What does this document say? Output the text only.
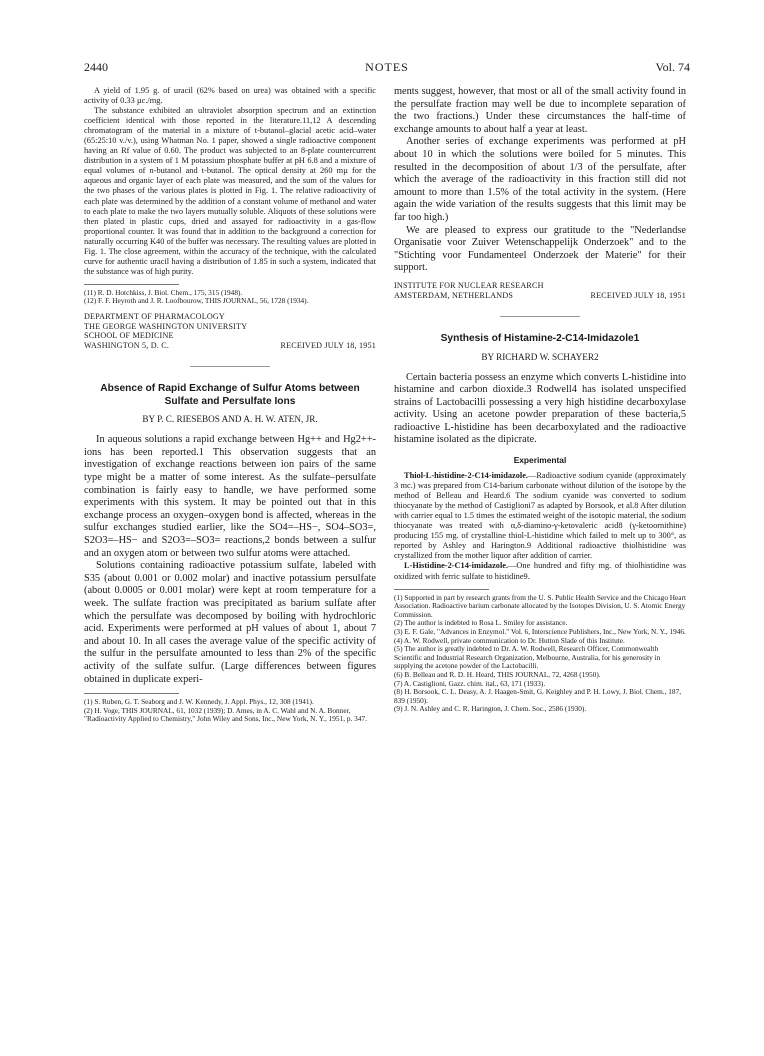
2440	NOTES	Vol. 74

A yield of 1.95 g. of uracil (62% based on urea) was obtained with a specific activity of 0.33 µc./mg.

The substance exhibited an ultraviolet absorption spectrum and an extinction coefficient identical with those reported in the literature.11,12 A descending chromatogram of the material in a mixture of t-butanol–glacial acetic acid–water (65:25:10 v./v.), using Whatman No. 1 paper, showed a single radioactive component having an Rf value of 0.60. The product was subjected to an 8-plate countercurrent distribution in a system of 1 M potassium phosphate buffer at pH 6.8 and a mixture of equal volumes of n-butanol and t-butanol. The optical density at 260 mµ for the aqueous and organic layer of each plate was measured, and the sum of the values for the two phases of the various plates is plotted in Fig. 1. The relative radioactivity of each plate was determined by the addition of a constant volume of methanol and water to each plate to make the two layers mutually soluble. Aliquots of these solutions were then plated in plastic cups, dried and assayed for radioactivity in a gas-flow proportional counter. It was found that in addition to the background a correction for naturally occurring K40 of the buffer was necessary. The resulting values are plotted in Fig. 1. The close agreement, within the accuracy of the technique, with the calculated curve for authentic uracil having a distribution of 1.85 in such a system, indicated that the substance was of high purity.

(11) R. D. Hotchkiss, J. Biol. Chem., 175, 315 (1948).

(12) F. F. Heyroth and J. R. Loofbourow, THIS JOURNAL, 56, 1728 (1934).

DEPARTMENT OF PHARMACOLOGY
THE GEORGE WASHINGTON UNIVERSITY
SCHOOL OF MEDICINE
WASHINGTON 5, D. C.	RECEIVED JULY 18, 1951
Absence of Rapid Exchange of Sulfur Atoms between Sulfate and Persulfate Ions
BY P. C. RIESEBOS AND A. H. W. ATEN, JR.

In aqueous solutions a rapid exchange between Hg++ and Hg2++-ions has been reported.1 This observation suggests that an investigation of exchange reactions between ion pairs of the same type might be a matter of some interest. As the sulfate–persulfate combination is fairly easy to handle, we have performed some experiments with this system. It may be pointed out that in this exchange process an oxygen–oxygen bond is affected, whereas in the sulfur exchanges studied earlier, like the SO4=–HS−, SO4–SO3=, S2O3=–HS− and S2O3=–SO3= reactions,2 bonds between a sulfur and an oxygen atom or between two sulfur atoms were attached.

Solutions containing radioactive potassium sulfate, labeled with S35 (about 0.001 or 0.002 molar) and inactive potassium persulfate (about 0.0005 or 0.001 molar) were kept at room temperature for a week. The sulfate fraction was precipitated as barium sulfate after which the persulfate was decomposed by boiling with hydrochloric acid. Experiments were performed at pH values of about 1, about 7 and about 10. In all cases the average value of the specific activity of the sulfur in the persulfate amounted to less than 2% of the specific activity of the sulfate sulfur. (Large differences between figures obtained in duplicate experi-

(1) S. Ruben, G. T. Seaborg and J. W. Kennedy, J. Appl. Phys., 12, 308 (1941).

(2) H. Voge, THIS JOURNAL, 61, 1032 (1939); D. Ames, in A. C. Wahl and N. A. Bonner, "Radioactivity Applied to Chemistry," John Wiley and Sons, Inc., New York, N. Y., 1951, p. 347.

ments suggest, however, that most or all of the small activity found in the persulfate fraction may well be due to incomplete separation of the two fractions.) Under these circumstances the half-time of exchange amounts to about half a year at least.

Another series of exchange experiments was performed at pH about 10 in which the solutions were boiled for 5 minutes. This resulted in the decomposition of about 1/3 of the persulfate, after which the average of the radioactivity in this fraction still did not amount to more than 1.5% of the total activity in the system. (Here again the wide variation of the results suggests that this limit may be far too high.)

We are pleased to express our gratitude to the "Nederlandse Organisatie voor Zuiver Wetenschappelijk Onderzoek" and to the "Stichting voor Fundamenteel Onderzoek der Materie" for their support.

INSTITUTE FOR NUCLEAR RESEARCH
AMSTERDAM, NETHERLANDS	RECEIVED JULY 18, 1951
Synthesis of Histamine-2-C14-Imidazole1
BY RICHARD W. SCHAYER2

Certain bacteria possess an enzyme which converts L-histidine into histamine and carbon dioxide.3 Rodwell4 has isolated unspecified strains of Lactobacilli possessing a very high histidine decarboxylase activity. Using an acetone powder preparation of these bacteria,5 radioactive L-histidine has been decarboxylated and the radioactive histamine isolated as the dipicrate.

Experimental

Thiol-L-histidine-2-C14-imidazole.—Radioactive sodium cyanide (approximately 3 mc.) was prepared from C14-barium carbonate without dilution of the isotope by the method of Belleau and Heard.6 The sodium cyanide was converted to sodium thiocyanate by the method of Castiglioni7 as adapted by Borsook, et al.8 After dilution with carrier equal to 1.5 times the estimated weight of the isotopic material, the sodium thiocyanate was treated with α,δ-diamino-γ-ketovaleric acid8 (γ-ketoornithine) producing 155 mg. of crystalline thiol-L-histidine which failed to melt up to 300°, as reported by Ashley and Harington.9 Additional radioactive thiolhistidine was crystallized from the mother liquor after addition of carrier.

L-Histidine-2-C14-imidazole.—One hundred and fifty mg. of thiolhistidine was oxidized with ferric sulfate to histidine9.

(1) Supported in part by research grants from the U. S. Public Health Service and the Chicago Heart Association. Radioactive barium carbonate allocated by the Isotopes Division, U. S. Atomic Energy Commission.

(2) The author is indebted to Rosa L. Smiley for assistance.

(3) E. F. Gale, "Advances in Enzymol." Vol. 6, Interscience Publishers, Inc., New York, N. Y., 1946.

(4) A. W. Rodwell, private communication to Dr. Hutton Slade of this Institute.

(5) The author is greatly indebted to Dr. A. W. Rodwell, Research Officer, Commonwealth Scientific and Industrial Research Organization, Melbourne, Australia, for his generosity in supplying the acetone powder of the Lactobacilli.

(6) B. Belleau and R. D. H. Heard, THIS JOURNAL, 72, 4268 (1950).

(7) A. Castiglioni, Gazz. chim. ital., 63, 171 (1933).

(8) H. Borsook, C. L. Deasy, A. J. Haagen-Smit, G. Keighley and P. H. Lowy, J. Biol. Chem., 187, 839 (1950).

(9) J. N. Ashley and C. R. Harington, J. Chem. Soc., 2586 (1930).
